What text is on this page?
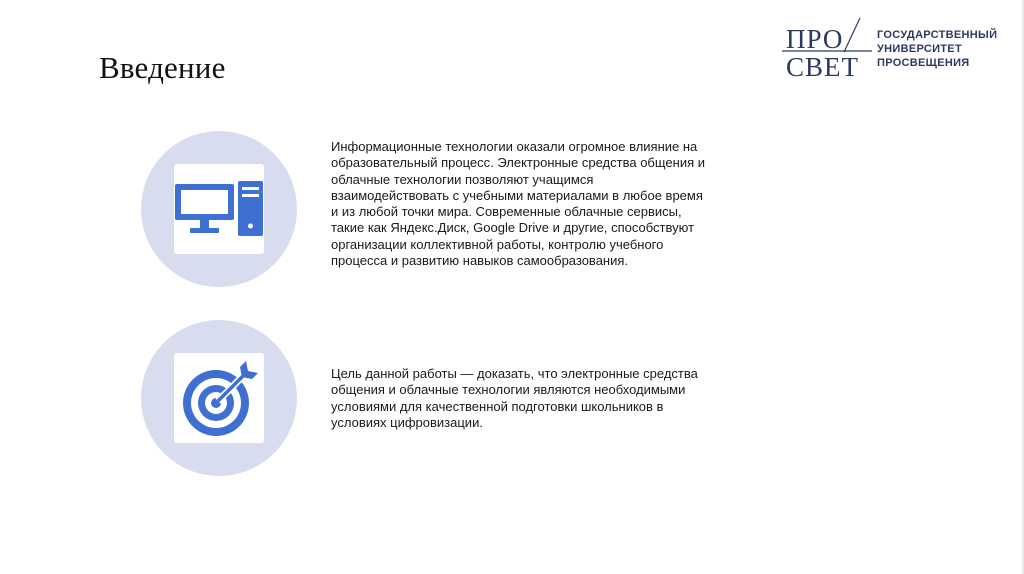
Введение
ПРО
СВЕТ
ГОСУДАРСТВЕННЫЙ
УНИВЕРСИТЕТ
ПРОСВЕЩЕНИЯ
Информационные технологии оказали огромное влияние на образовательный процесс. Электронные средства общения и облачные технологии позволяют учащимся взаимодействовать с учебными материалами в любое время и из любой точки мира. Современные облачные сервисы, такие как Яндекс.Диск, Google Drive и другие, способствуют организации коллективной работы, контролю учебного процесса и развитию навыков самообразования.
Цель данной работы — доказать, что электронные средства общения и облачные технологии являются необходимыми условиями для качественной подготовки школьников в условиях цифровизации.
